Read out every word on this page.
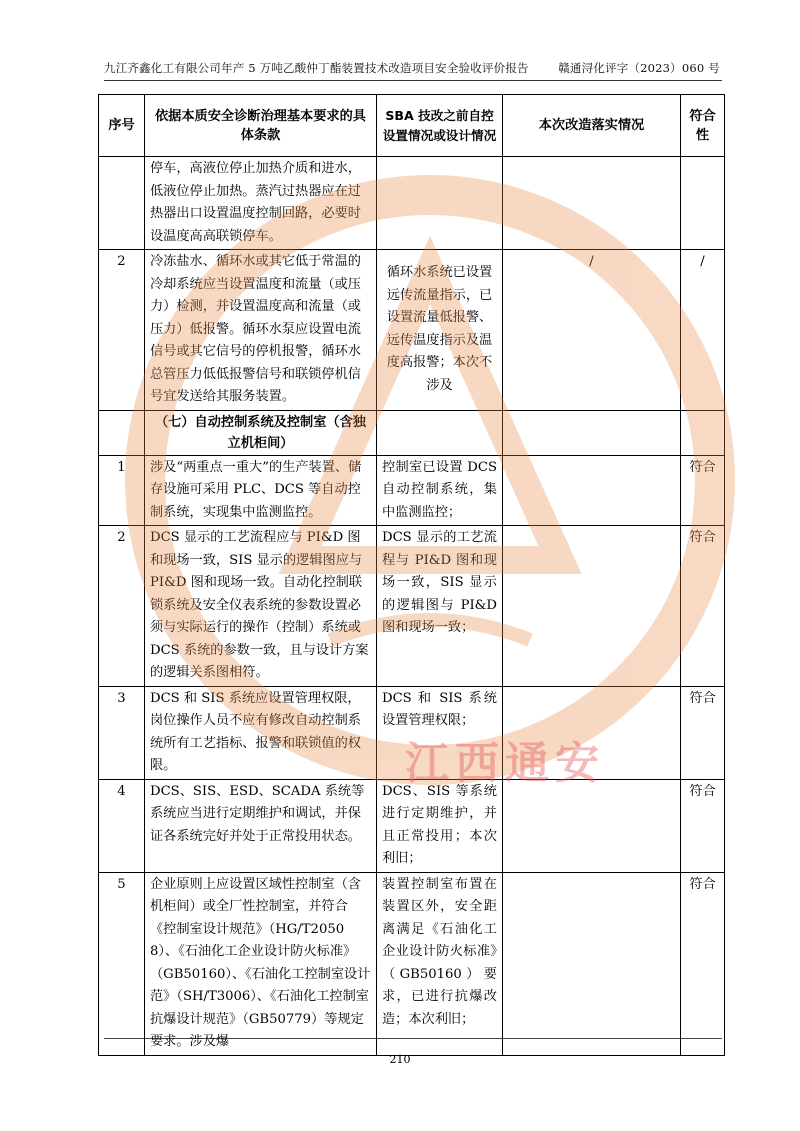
九江齐鑫化工有限公司年产 5 万吨乙酸仲丁酯装置技术改造项目安全验收评价报告	赣通浔化评字（2023）060 号
序号	依据本质安全诊断治理基本要求的具体条款	SBA 技改之前自控设置情况或设计情况	本次改造落实情况	符合性
	停车，高液位停止加热介质和进水，低液位停止加热。蒸汽过热器应在过热器出口设置温度控制回路，必要时设温度高高联锁停车。			
2	冷冻盐水、循环水或其它低于常温的冷却系统应当设置温度和流量（或压力）检测，并设置温度高和流量（或压力）低报警。循环水泵应设置电流信号或其它信号的停机报警，循环水总管压力低低报警信号和联锁停机信号宜发送给其服务装置。	循环水系统已设置远传流量指示，已设置流量低报警、远传温度指示及温度高报警；本次不涉及	/	/
	（七）自动控制系统及控制室（含独立机柜间）			
1	涉及“两重点一重大”的生产装置、储存设施可采用 PLC、DCS 等自动控制系统，实现集中监测监控。	控制室已设置 DCS 自动控制系统，集中监测监控；		符合
2	DCS 显示的工艺流程应与 PI&D 图和现场一致，SIS 显示的逻辑图应与 PI&D 图和现场一致。自动化控制联锁系统及安全仪表系统的参数设置必须与实际运行的操作（控制）系统或 DCS 系统的参数一致，且与设计方案的逻辑关系图相符。	DCS 显示的工艺流程与 PI&D 图和现场一致，SIS 显示的逻辑图与 PI&D 图和现场一致；		符合
3	DCS 和 SIS 系统应设置管理权限，岗位操作人员不应有修改自动控制系统所有工艺指标、报警和联锁值的权限。	DCS 和 SIS 系统设置管理权限；		符合
4	DCS、SIS、ESD、SCADA 系统等系统应当进行定期维护和调试，并保证各系统完好并处于正常投用状态。	DCS、SIS 等系统进行定期维护，并且正常投用；本次利旧；		符合
5	企业原则上应设置区域性控制室（含机柜间）或全厂性控制室，并符合《控制室设计规范》（HG/T20508）、《石油化工企业设计防火标准》（GB50160）、《石油化工控制室设计范》（SH/T3006）、《石油化工控制室抗爆设计规范》（GB50779）等规定要求。涉及爆	装置控制室布置在装置区外，安全距离满足《石油化工企业设计防火标准》（GB50160）要求，已进行抗爆改造；本次利旧；		符合
江西通安
210
